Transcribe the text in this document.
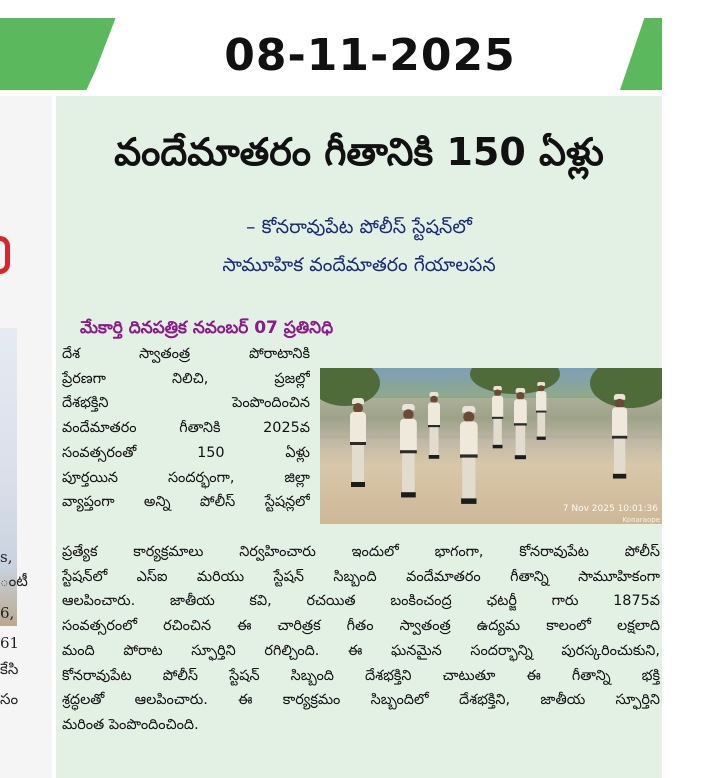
08-11-2025
s,
ంటీ
6,
61
కేసి
సం
వందేమాతరం గీతానికి 150 ఏళ్లు
– కోనరావుపేట పోలీస్ స్టేషన్‌లో
సామూహిక వందేమాతరం గేయాలపన
మేకార్తి దినపత్రిక నవంబర్ 07 ప్రతినిధి
దేశ స్వాతంత్ర పోరాటానికి
ప్రేరణగా నిలిచి, ప్రజల్లో
దేశభక్తిని పెంపొందించిన
వందేమాతరం గీతానికి 2025వ
సంవత్సరంతో 150 ఏళ్లు
పూర్తయిన సందర్భంగా, జిల్లా
వ్యాప్తంగా అన్ని పోలీస్ స్టేషన్లలో	7 Nov 2025 10:01:36
Konaraope
ప్రత్యేక కార్యక్రమాలు నిర్వహించారు ఇందులో భాగంగా, కోనరావుపేట పోలీస్
స్టేషన్‌లో ఎస్ఐ మరియు స్టేషన్ సిబ్బంది వందేమాతరం గీతాన్ని సామూహికంగా
ఆలపించారు. జాతీయ కవి, రచయిత బంకించంద్ర ఛటర్జీ గారు 1875వ
సంవత్సరంలో రచించిన ఈ చారిత్రక గీతం స్వాతంత్ర ఉద్యమ కాలంలో లక్షలాది
మంది పోరాట స్ఫూర్తిని రగిల్చింది. ఈ ఘనమైన సందర్భాన్ని పురస్కరించుకుని,
కోనరావుపేట పోలీస్ స్టేషన్ సిబ్బంది దేశభక్తిని చాటుతూ ఈ గీతాన్ని భక్తి
శ్రద్ధలతో ఆలపించారు. ఈ కార్యక్రమం సిబ్బందిలో దేశభక్తిని, జాతీయ స్ఫూర్తిని
మరింత పెంపొందించింది.
